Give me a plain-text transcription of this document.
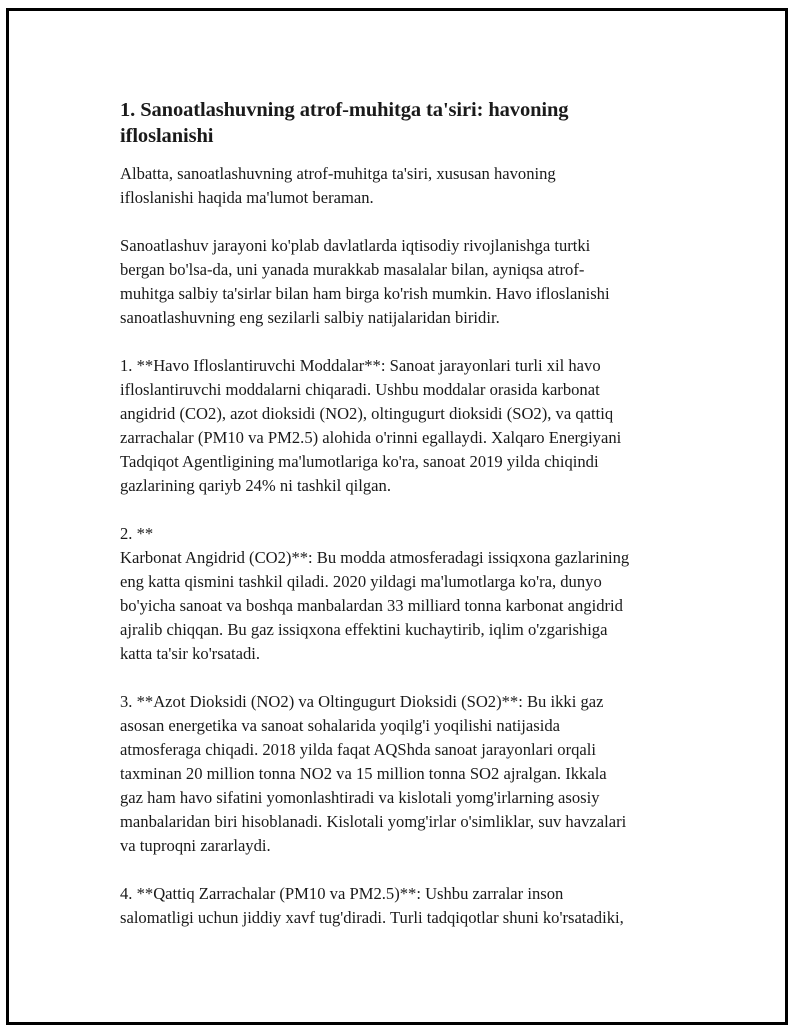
1. Sanoatlashuvning atrof-muhitga ta'siri: havoning
ifloslanishi

Albatta, sanoatlashuvning atrof-muhitga ta'siri, xususan havoning
ifloslanishi haqida ma'lumot beraman.

Sanoatlashuv jarayoni ko'plab davlatlarda iqtisodiy rivojlanishga turtki
bergan bo'lsa-da, uni yanada murakkab masalalar bilan, ayniqsa atrof-
muhitga salbiy ta'sirlar bilan ham birga ko'rish mumkin. Havo ifloslanishi
sanoatlashuvning eng sezilarli salbiy natijalaridan biridir.

1. **Havo Ifloslantiruvchi Moddalar**: Sanoat jarayonlari turli xil havo
ifloslantiruvchi moddalarni chiqaradi. Ushbu moddalar orasida karbonat
angidrid (CO2), azot dioksidi (NO2), oltingugurt dioksidi (SO2), va qattiq
zarrachalar (PM10 va PM2.5) alohida o'rinni egallaydi. Xalqaro Energiyani
Tadqiqot Agentligining ma'lumotlariga ko'ra, sanoat 2019 yilda chiqindi
gazlarining qariyb 24% ni tashkil qilgan.

2. **
Karbonat Angidrid (CO2)**: Bu modda atmosferadagi issiqxona gazlarining
eng katta qismini tashkil qiladi. 2020 yildagi ma'lumotlarga ko'ra, dunyo
bo'yicha sanoat va boshqa manbalardan 33 milliard tonna karbonat angidrid
ajralib chiqqan. Bu gaz issiqxona effektini kuchaytirib, iqlim o'zgarishiga
katta ta'sir ko'rsatadi.

3. **Azot Dioksidi (NO2) va Oltingugurt Dioksidi (SO2)**: Bu ikki gaz
asosan energetika va sanoat sohalarida yoqilg'i yoqilishi natijasida
atmosferaga chiqadi. 2018 yilda faqat AQShda sanoat jarayonlari orqali
taxminan 20 million tonna NO2 va 15 million tonna SO2 ajralgan. Ikkala
gaz ham havo sifatini yomonlashtiradi va kislotali yomg'irlarning asosiy
manbalaridan biri hisoblanadi. Kislotali yomg'irlar o'simliklar, suv havzalari
va tuproqni zararlaydi.

4. **Qattiq Zarrachalar (PM10 va PM2.5)**: Ushbu zarralar inson
salomatligi uchun jiddiy xavf tug'diradi. Turli tadqiqotlar shuni ko'rsatadiki,
